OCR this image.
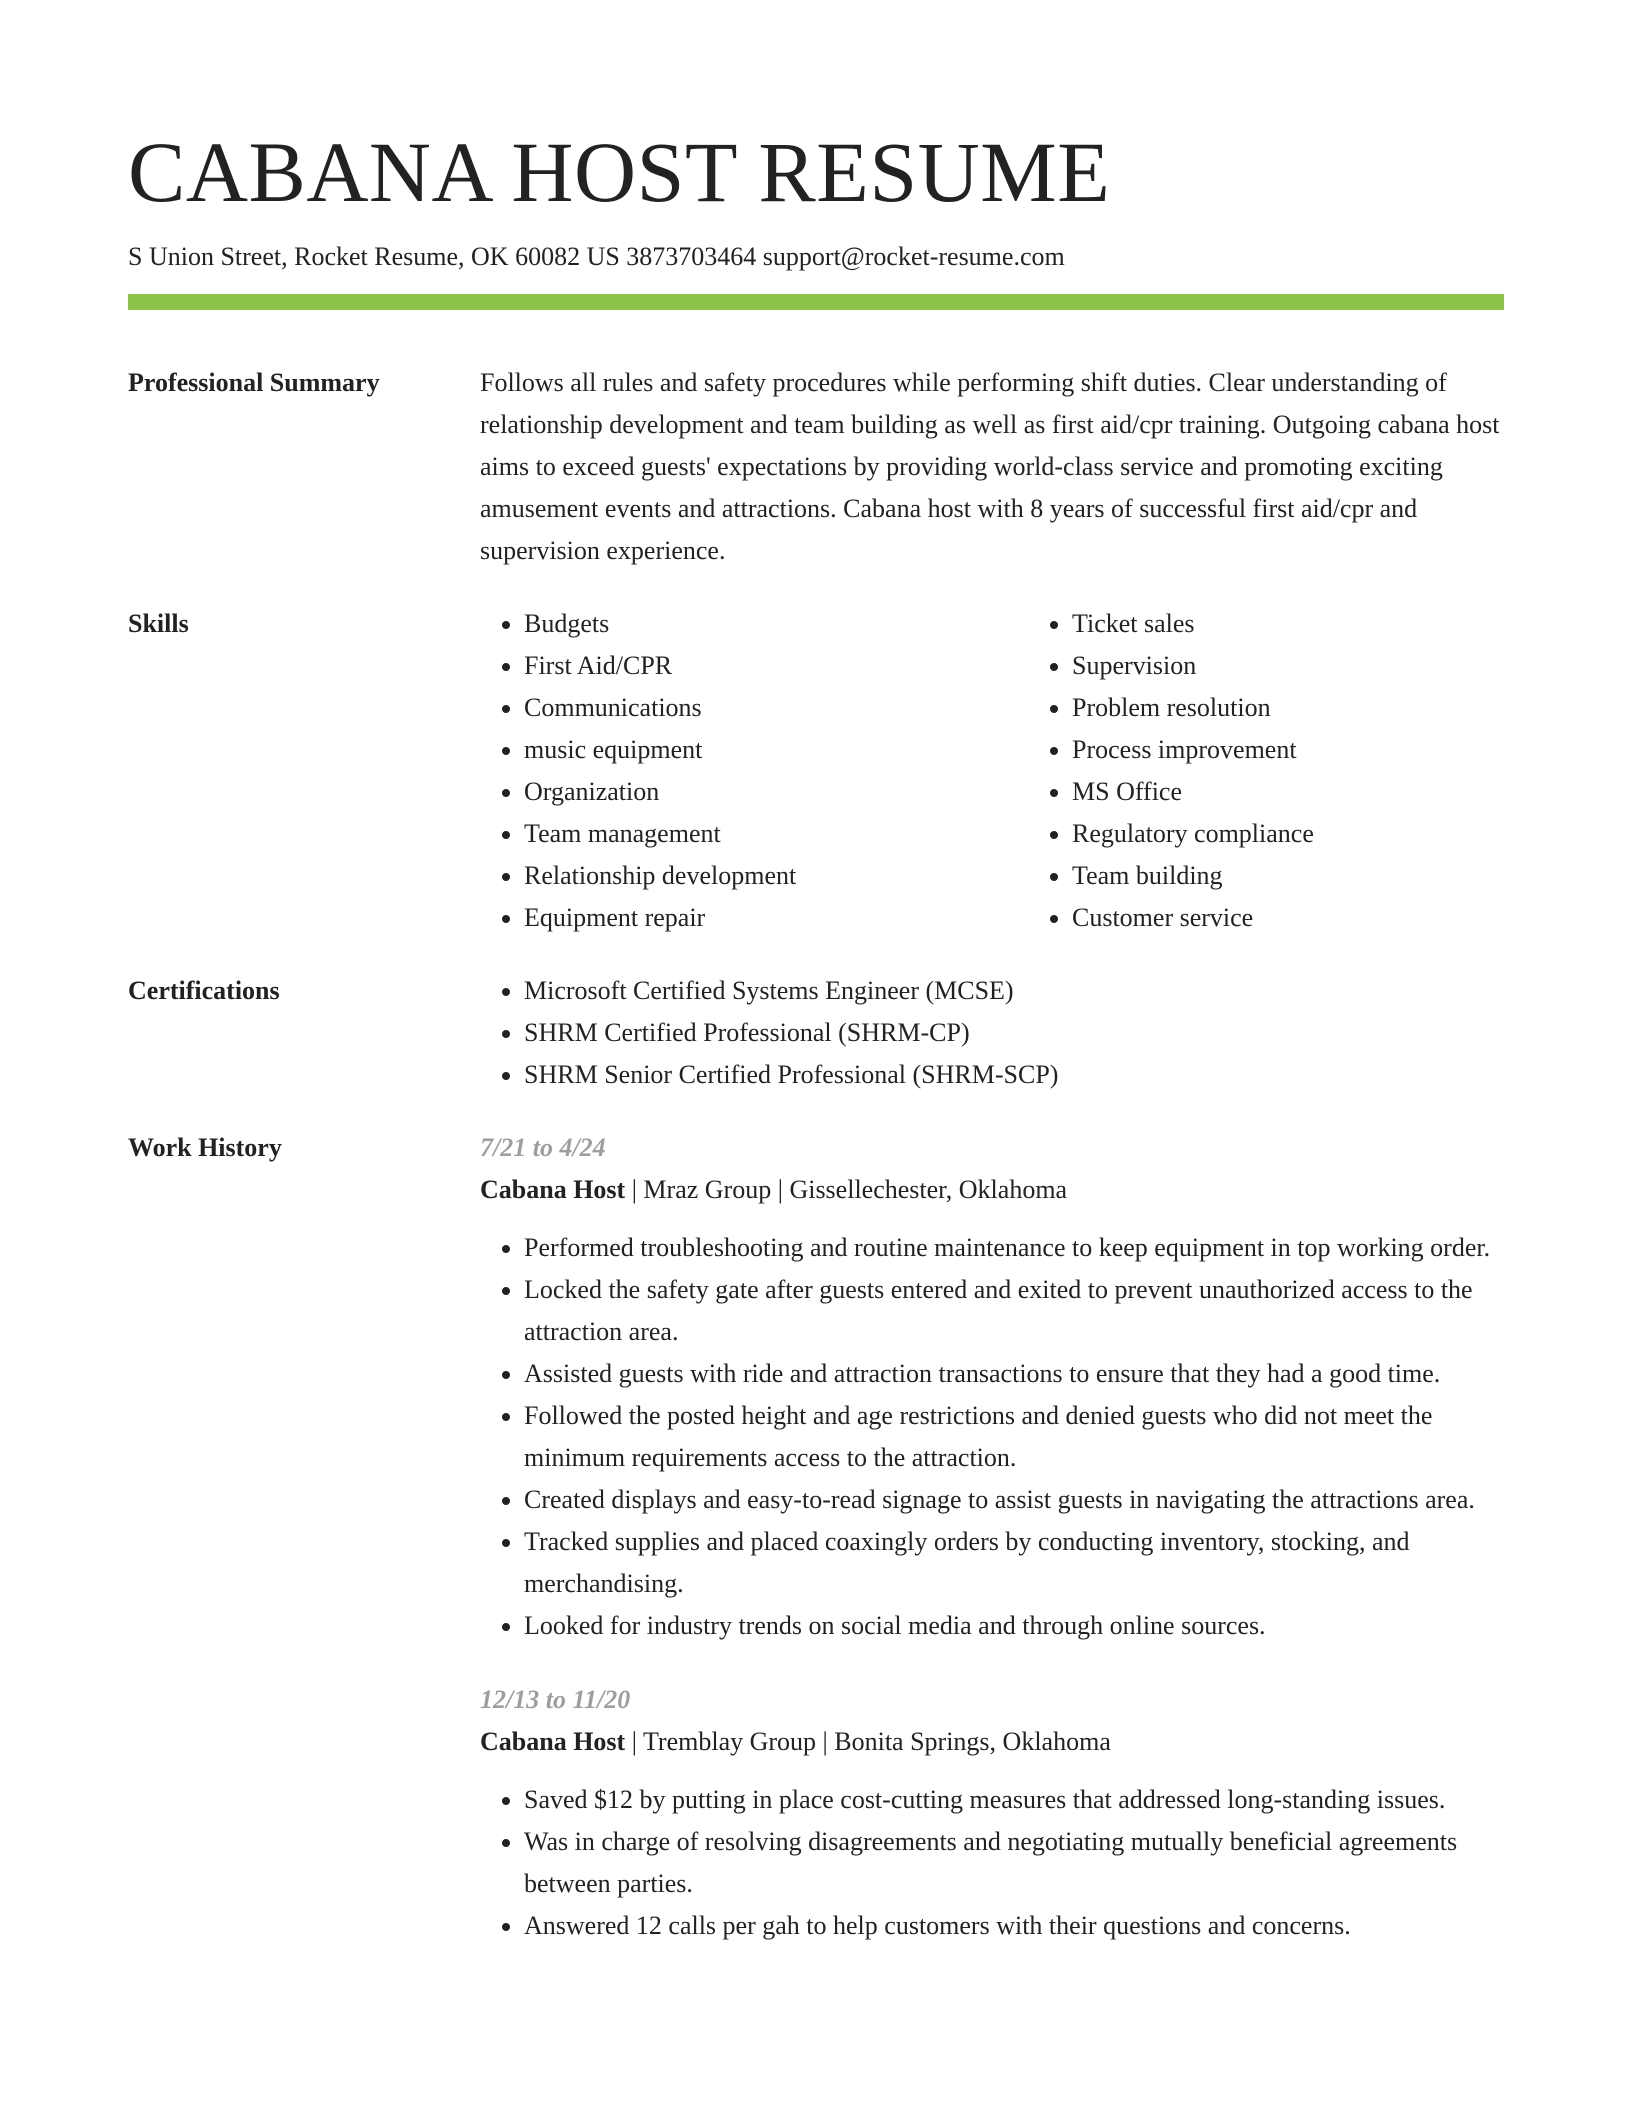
CABANA HOST RESUME
S Union Street, Rocket Resume, OK 60082 US 3873703464 support@rocket-resume.com
Professional Summary	Follows all rules and safety procedures while performing shift duties. Clear understanding of relationship development and team building as well as first aid/cpr training. Outgoing cabana host aims to exceed guests' expectations by providing world-class service and promoting exciting amusement events and attractions. Cabana host with 8 years of successful first aid/cpr and supervision experience.

Skills	• Budgets
• First Aid/CPR
• Communications
• music equipment
• Organization
• Team management
• Relationship development
• Equipment repair
• Ticket sales
• Supervision
• Problem resolution
• Process improvement
• MS Office
• Regulatory compliance
• Team building
• Customer service
Certifications	• Microsoft Certified Systems Engineer (MCSE)
• SHRM Certified Professional (SHRM-CP)
• SHRM Senior Certified Professional (SHRM-SCP)
Work History	7/21 to 4/24
Cabana Host | Mraz Group | Gissellechester, Oklahoma
• Performed troubleshooting and routine maintenance to keep equipment in top working order.
• Locked the safety gate after guests entered and exited to prevent unauthorized access to the attraction area.
• Assisted guests with ride and attraction transactions to ensure that they had a good time.
• Followed the posted height and age restrictions and denied guests who did not meet the minimum requirements access to the attraction.
• Created displays and easy-to-read signage to assist guests in navigating the attractions area.
• Tracked supplies and placed coaxingly orders by conducting inventory, stocking, and merchandising.
• Looked for industry trends on social media and through online sources.
12/13 to 11/20
Cabana Host | Tremblay Group | Bonita Springs, Oklahoma
• Saved $12 by putting in place cost-cutting measures that addressed long-standing issues.
• Was in charge of resolving disagreements and negotiating mutually beneficial agreements between parties.
• Answered 12 calls per gah to help customers with their questions and concerns.
